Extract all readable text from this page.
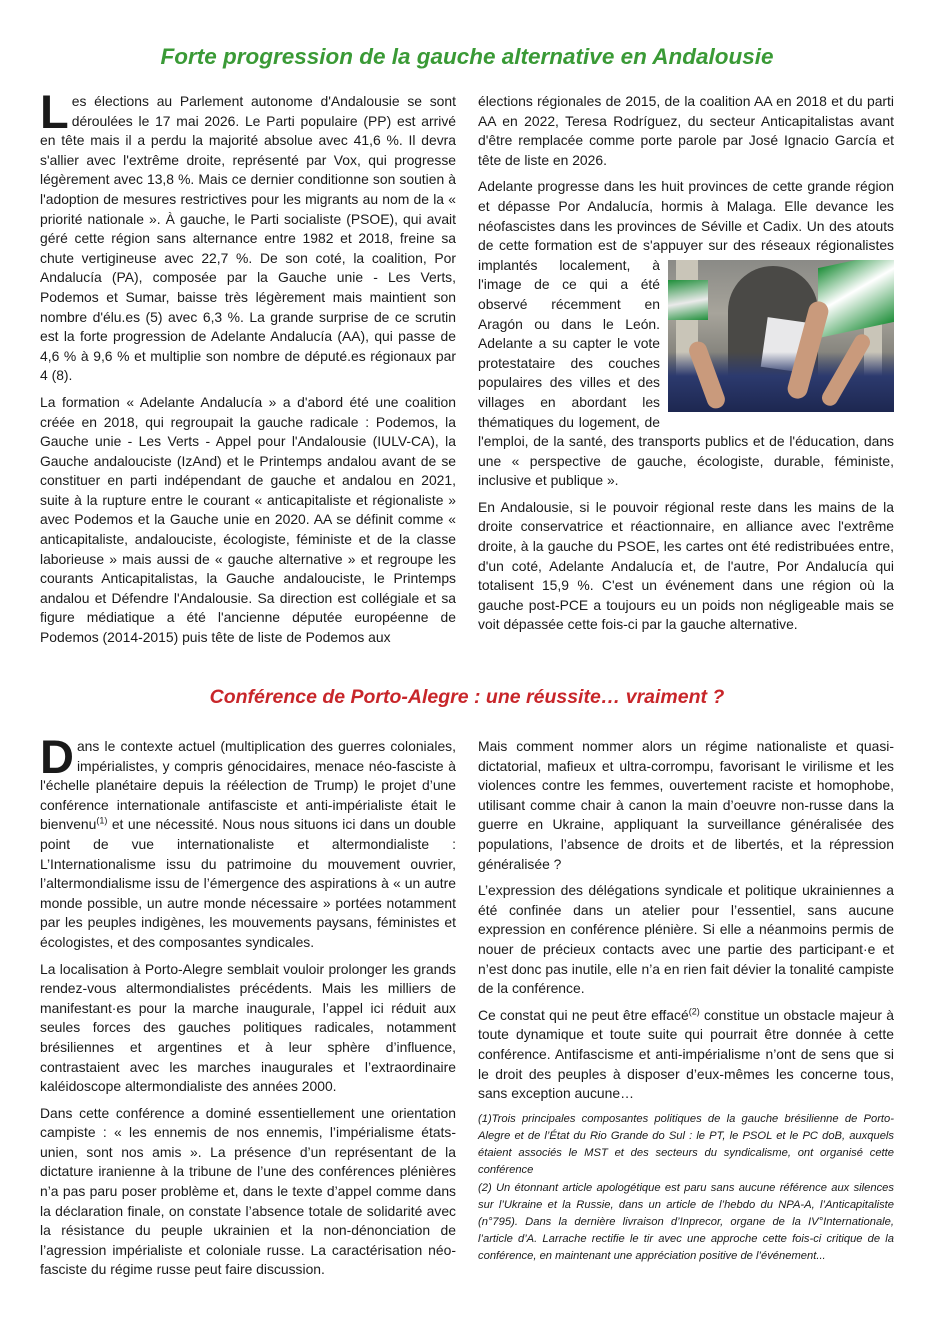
Forte progression de la gauche alternative en Andalousie

Les élections au Parlement autonome d'Andalousie se sont déroulées le 17 mai 2026. Le Parti populaire (PP) est arrivé en tête mais il a perdu la majorité absolue avec 41,6 %. Il devra s'allier avec l'extrême droite, représenté par Vox, qui progresse légèrement avec 13,8 %. Mais ce dernier conditionne son soutien à l'adoption de mesures restrictives pour les migrants au nom de la « priorité nationale ». À gauche, le Parti socialiste (PSOE), qui avait géré cette région sans alternance entre 1982 et 2018, freine sa chute vertigineuse avec 22,7 %. De son coté, la coalition, Por Andalucía (PA), composée par la Gauche unie - Les Verts, Podemos et Sumar, baisse très légèrement mais maintient son nombre d'élu.es (5) avec 6,3 %. La grande surprise de ce scrutin est la forte progression de Adelante Andalucía (AA), qui passe de 4,6 % à 9,6 % et multiplie son nombre de député.es régionaux par 4 (8).

La formation « Adelante Andalucía » a d'abord été une coalition créée en 2018, qui regroupait la gauche radicale : Podemos, la Gauche unie - Les Verts - Appel pour l'Andalousie (IULV-CA), la Gauche andalouciste (IzAnd) et le Printemps andalou avant de se constituer en parti indépendant de gauche et andalou en 2021, suite à la rupture entre le courant « anticapitaliste et régionaliste » avec Podemos et la Gauche unie en 2020. AA se définit comme « anticapitaliste, andalouciste, écologiste, féministe et de la classe laborieuse » mais aussi de « gauche alternative » et regroupe les courants Anticapitalistas, la Gauche andalouciste, le Printemps andalou et Défendre l'Andalousie. Sa direction est collégiale et sa figure médiatique a été l'ancienne députée européenne de Podemos (2014-2015) puis tête de liste de Podemos aux

élections régionales de 2015, de la coalition AA en 2018 et du parti AA en 2022, Teresa Rodríguez, du secteur Anticapitalistas avant d'être remplacée comme porte parole par José Ignacio García et tête de liste en 2026.

Adelante progresse dans les huit provinces de cette grande région et dépasse Por Andalucía, hormis à Malaga. Elle devance les néofascistes dans les provinces de Séville et Cadix. Un des atouts de cette formation est de s'appuyer sur des réseaux
régionalistes implantés localement, à l'image de ce qui a été observé récemment en Aragón ou dans le León. Adelante a su capter le vote protestataire des couches populaires des villes et des villages en abordant les thématiques du logement, de l'emploi, de la santé, des transports publics et de l'éducation, dans une « perspective de gauche, écologiste, durable, féministe, inclusive et publique ».

En Andalousie, si le pouvoir régional reste dans les mains de la droite conservatrice et réactionnaire, en alliance avec l'extrême droite, à la gauche du PSOE, les cartes ont été redistribuées entre, d'un coté, Adelante Andalucía et, de l'autre, Por Andalucía qui totalisent 15,9 %. C'est un événement dans une région où la gauche post-PCE a toujours eu un poids non négligeable mais se voit dépassée cette fois-ci par la gauche alternative.

Conférence de Porto-Alegre : une réussite… vraiment ?

Dans le contexte actuel (multiplication des guerres coloniales, impérialistes, y compris génocidaires, menace néo-fasciste à l'échelle planétaire depuis la réélection de Trump) le projet d’une conférence internationale antifasciste et anti-impérialiste était le bienvenu$^{(1)}$ et une nécessité. Nous nous situons ici dans un double point de vue internationaliste et altermondialiste : L’Internationalisme issu du patrimoine du mouvement ouvrier, l’altermondialisme issu de l’émergence des aspirations à « un autre monde possible, un autre monde nécessaire » portées notamment par les peuples indigènes, les mouvements paysans, féministes et écologistes, et des composantes syndicales.

La localisation à Porto-Alegre semblait vouloir prolonger les grands rendez-vous altermondialistes précédents. Mais les milliers de manifestant·es pour la marche inaugurale, l’appel ici réduit aux seules forces des gauches politiques radicales, notamment brésiliennes et argentines et à leur sphère d’influence, contrastaient avec les marches inaugurales et l’extraordinaire kaléidoscope altermondialiste des années 2000.

Dans cette conférence a dominé essentiellement une orientation campiste : « les ennemis de nos ennemis, l’impérialisme états-unien, sont nos amis ». La présence d’un représentant de la dictature iranienne à la tribune de l’une des conférences plénières n’a pas paru poser problème et, dans le texte d’appel comme dans la déclaration finale, on constate l’absence totale de solidarité avec la résistance du peuple ukrainien et la non-dénonciation de l’agression impérialiste et coloniale russe. La caractérisation néo-fasciste du régime russe peut faire discussion.

Mais comment nommer alors un régime nationaliste et quasi-dictatorial, mafieux et ultra-corrompu, favorisant le virilisme et les violences contre les femmes, ouvertement raciste et homophobe, utilisant comme chair à canon la main d’oeuvre non-russe dans la guerre en Ukraine, appliquant la surveillance généralisée des populations, l’absence de droits et de libertés, et la répression généralisée ?

L’expression des délégations syndicale et politique ukrainiennes a été confinée dans un atelier pour l’essentiel, sans aucune expression en conférence plénière. Si elle a néanmoins permis de nouer de précieux contacts avec une partie des participant·e et n’est donc pas inutile, elle n’a en rien fait dévier la tonalité campiste de la conférence.

Ce constat qui ne peut être effacé$^{(2)}$ constitue un obstacle majeur à toute dynamique et toute suite qui pourrait être donnée à cette conférence. Antifascisme et anti-impérialisme n’ont de sens que si le droit des peuples à disposer d’eux-mêmes les concerne tous, sans exception aucune…

(1)Trois principales composantes politiques de la gauche brésilienne de Porto-Alegre et de l’État du Rio Grande do Sul : le PT, le PSOL et le PC doB, auxquels étaient associés le MST et des secteurs du syndicalisme, ont organisé cette conférence

(2) Un étonnant article apologétique est paru sans aucune référence aux silences sur l’Ukraine et la Russie, dans un article de l’hebdo du NPA-A, l’Anticapitaliste (n°795). Dans la dernière livraison d’Inprecor, organe de la IV°Internationale, l’article d’A. Larrache rectifie le tir avec une approche cette fois-ci critique de la conférence, en maintenant une appréciation positive de l’événement...
